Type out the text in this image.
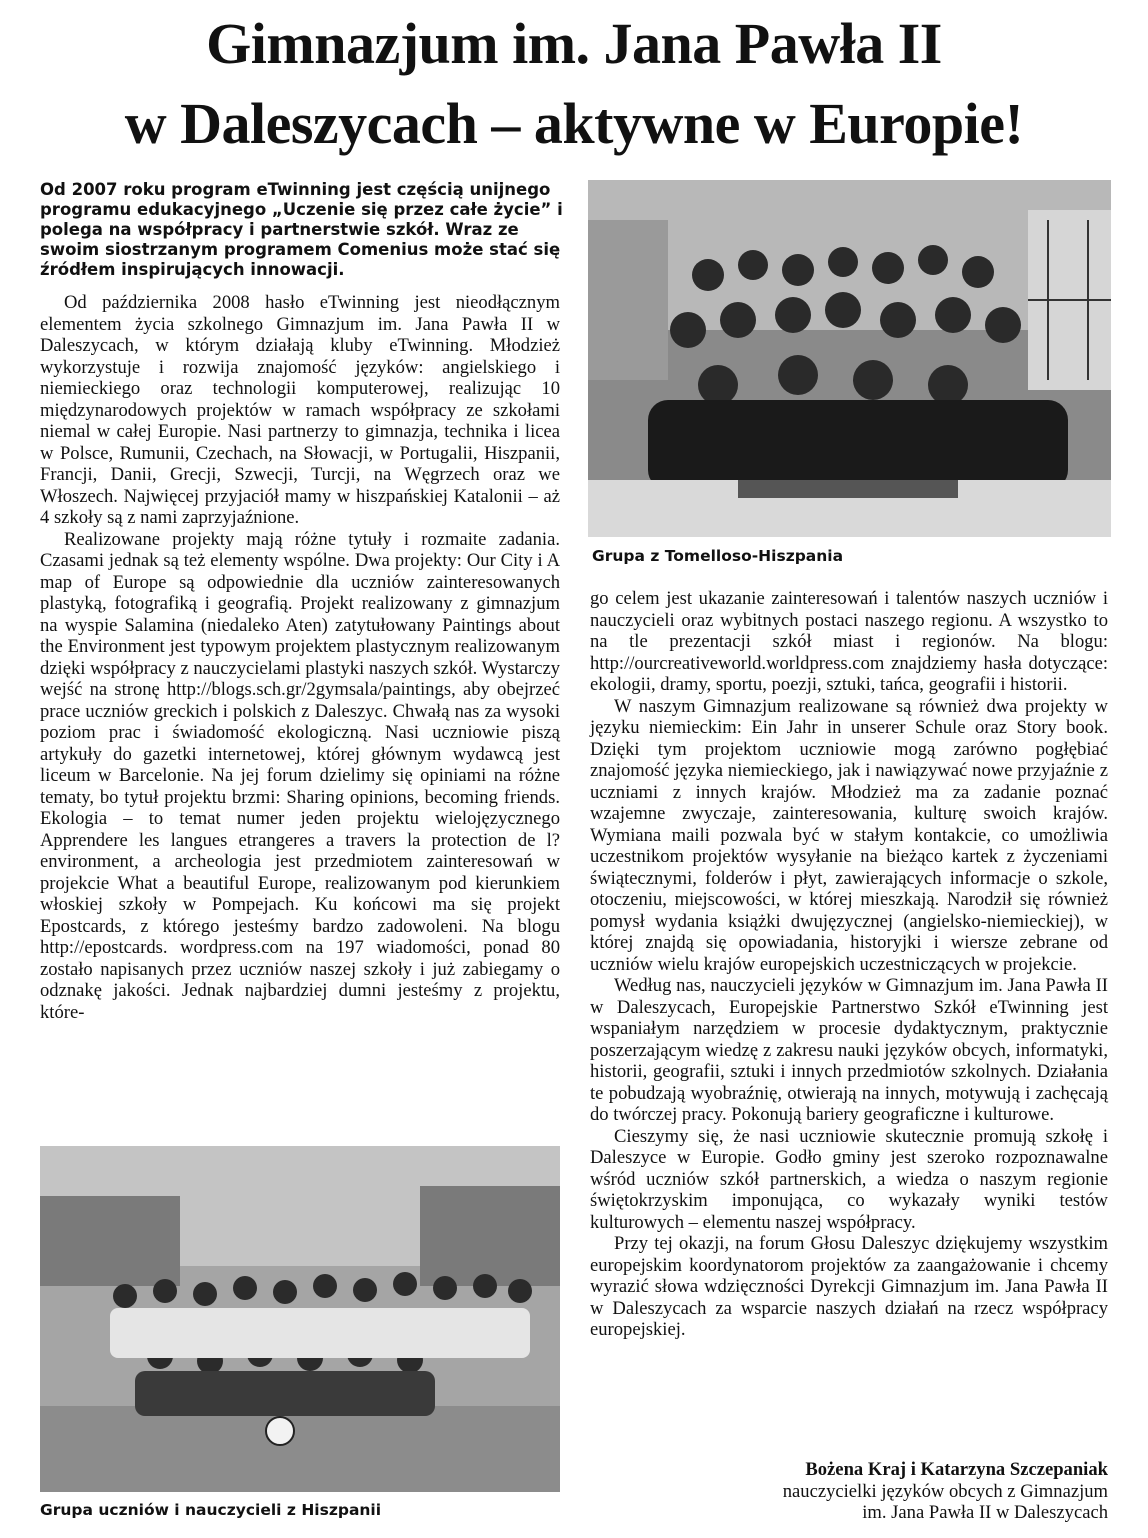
Gimnazjum im. Jana Pawła II
w Daleszycach – aktywne w Europie!

Od 2007 roku program eTwinning jest częścią unijnego programu edukacyjnego „Uczenie się przez całe życie” i polega na współpracy i partnerstwie szkół. Wraz ze swoim siostrzanym programem Comenius może stać się źródłem inspirujących innowacji.

Od października 2008 hasło eTwinning jest nieodłącznym elementem życia szkolnego Gimnazjum im. Jana Pawła II w Daleszycach, w którym działają kluby eTwinning. Młodzież wykorzystuje i rozwija znajomość języków: angielskiego i niemieckiego oraz technologii komputerowej, realizując 10 międzynarodowych projektów w ramach współpracy ze szkołami niemal w całej Europie. Nasi partnerzy to gimnazja, technika i licea w Polsce, Rumunii, Czechach, na Słowacji, w Portugalii, Hiszpanii, Francji, Danii, Grecji, Szwecji, Turcji, na Węgrzech oraz we Włoszech. Najwięcej przyjaciół mamy w hiszpańskiej Katalonii – aż 4 szkoły są z nami zaprzyjaźnione.

Realizowane projekty mają różne tytuły i rozmaite zadania. Czasami jednak są też elementy wspólne. Dwa projekty: Our City i A map of Europe są odpowiednie dla uczniów zainteresowanych plastyką, fotografiką i geografią. Projekt realizowany z gimnazjum na wyspie Salamina (niedaleko Aten) zatytułowany Paintings about the Environment jest typowym projektem plastycznym realizowanym dzięki współpracy z nauczycielami plastyki naszych szkół. Wystarczy wejść na stronę http://blogs.sch.gr/2gymsala/paintings, aby obejrzeć prace uczniów greckich i polskich z Daleszyc. Chwałą nas za wysoki poziom prac i świadomość ekologiczną. Nasi uczniowie piszą artykuły do gazetki internetowej, której głównym wydawcą jest liceum w Barcelonie. Na jej forum dzielimy się opiniami na różne tematy, bo tytuł projektu brzmi: Sharing opinions, becoming friends. Ekologia – to temat numer jeden projektu wielojęzycznego Apprendere les langues etrangeres a travers la protection de l?environment, a archeologia jest przedmiotem zainteresowań w projekcie What a beautiful Europe, realizowanym pod kierunkiem włoskiej szkoły w Pompejach. Ku końcowi ma się projekt Epostcards, z którego jesteśmy bardzo zadowoleni. Na blogu http://epostcards. wordpress.com na 197 wiadomości, ponad 80 zostało napisanych przez uczniów naszej szkoły i już zabiegamy o odznakę jakości. Jednak najbardziej dumni jesteśmy z projektu, które-

Grupa z Tomelloso-Hiszpania

go celem jest ukazanie zainteresowań i talentów naszych uczniów i nauczycieli oraz wybitnych postaci naszego regionu. A wszystko to na tle prezentacji szkół miast i regionów. Na blogu: http://ourcreativeworld.worldpress.com znajdziemy hasła dotyczące: ekologii, dramy, sportu, poezji, sztuki, tańca, geografii i historii.

W naszym Gimnazjum realizowane są również dwa projekty w języku niemieckim: Ein Jahr in unserer Schule oraz Story book. Dzięki tym projektom uczniowie mogą zarówno pogłębiać znajomość języka niemieckiego, jak i nawiązywać nowe przyjaźnie z uczniami z innych krajów. Młodzież ma za zadanie poznać wzajemne zwyczaje, zainteresowania, kulturę swoich krajów. Wymiana maili pozwala być w stałym kontakcie, co umożliwia uczestnikom projektów wysyłanie na bieżąco kartek z życzeniami świątecznymi, folderów i płyt, zawierających informacje o szkole, otoczeniu, miejscowości, w której mieszkają. Narodził się również pomysł wydania książki dwujęzycznej (angielsko-niemieckiej), w której znajdą się opowiadania, historyjki i wiersze zebrane od uczniów wielu krajów europejskich uczestniczących w projekcie.

Według nas, nauczycieli języków w Gimnazjum im. Jana Pawła II w Daleszycach, Europejskie Partnerstwo Szkół eTwinning jest wspaniałym narzędziem w procesie dydaktycznym, praktycznie poszerzającym wiedzę z zakresu nauki języków obcych, informatyki, historii, geografii, sztuki i innych przedmiotów szkolnych. Działania te pobudzają wyobraźnię, otwierają na innych, motywują i zachęcają do twórczej pracy. Pokonują bariery geograficzne i kulturowe.

Cieszymy się, że nasi uczniowie skutecznie promują szkołę i Daleszyce w Europie. Godło gminy jest szeroko rozpoznawalne wśród uczniów szkół partnerskich, a wiedza o naszym regionie świętokrzyskim imponująca, co wykazały wyniki testów kulturowych – elementu naszej współpracy.

Przy tej okazji, na forum Głosu Daleszyc dziękujemy wszystkim europejskim koordynatorom projektów za zaangażowanie i chcemy wyrazić słowa wdzięczności Dyrekcji Gimnazjum im. Jana Pawła II w Daleszycach za wsparcie naszych działań na rzecz współpracy europejskiej.

Grupa uczniów i nauczycieli z Hiszpanii

Bożena Kraj i Katarzyna Szczepaniak
nauczycielki języków obcych z Gimnazjum
im. Jana Pawła II w Daleszycach
